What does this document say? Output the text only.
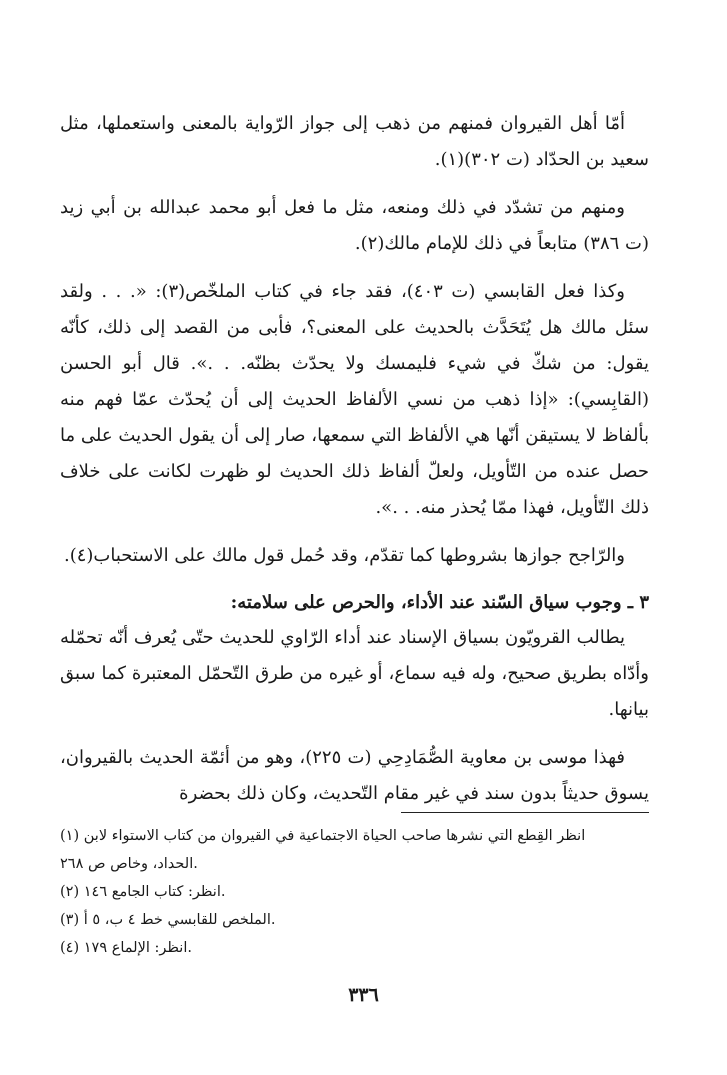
أمّا أهل القيروان فمنهم من ذهب إلى جواز الرّواية بالمعنى واستعملها، مثل سعيد بن الحدّاد (ت ٣٠٢)(١).

ومنهم من تشدّد في ذلك ومنعه، مثل ما فعل أبو محمد عبدالله بن أبي زيد (ت ٣٨٦) متابعاً في ذلك للإمام مالك(٢).

وكذا فعل القابسي (ت ٤٠٣)، فقد جاء في كتاب الملخّص(٣): «. . . ولقد سئل مالك هل يُتَحَدَّث بالحديث على المعنى؟، فأبى من القصد إلى ذلك، كأنّه يقول: من شكّ في شيء فليمسك ولا يحدّث بظنّه. . .». قال أبو الحسن (القابِسي): «إذا ذهب من نسي الألفاظ الحديث إلى أن يُحدّث عمّا فهم منه بألفاظ لا يستيقن أنّها هي الألفاظ التي سمعها، صار إلى أن يقول الحديث على ما حصل عنده من التّأويل، ولعلّ ألفاظ ذلك الحديث لو ظهرت لكانت على خلاف ذلك التّأويل، فهذا ممّا يُحذر منه. . .».

والرّاجح جوازها بشروطها كما تقدّم، وقد حُمل قول مالك على الاستحباب(٤).

٣ ـ وجوب سياق السّند عند الأداء، والحرص على سلامته:

يطالب القرويّون بسياق الإسناد عند أداء الرّاوي للحديث حتّى يُعرف أنّه تحمّله وأدّاه بطريق صحيح، وله فيه سماع، أو غيره من طرق التّحمّل المعتبرة كما سبق بيانها.

فهذا موسى بن معاوية الصُّمَادِحِي (ت ٢٢٥)، وهو من أئمّة الحديث بالقيروان، يسوق حديثاً بدون سند في غير مقام التّحديث، وكان ذلك بحضرة

(١) انظر القِطع التي نشرها صاحب الحياة الاجتماعية في القيروان من كتاب الاستواء لابن

الحداد، وخاص ص ٢٦٨.

(٢) انظر: كتاب الجامع ١٤٦.

(٣) الملخص للقابسي خط ٤ ب، ٥ أ.

(٤) انظر: الإلماع ١٧٩.

٣٣٦
